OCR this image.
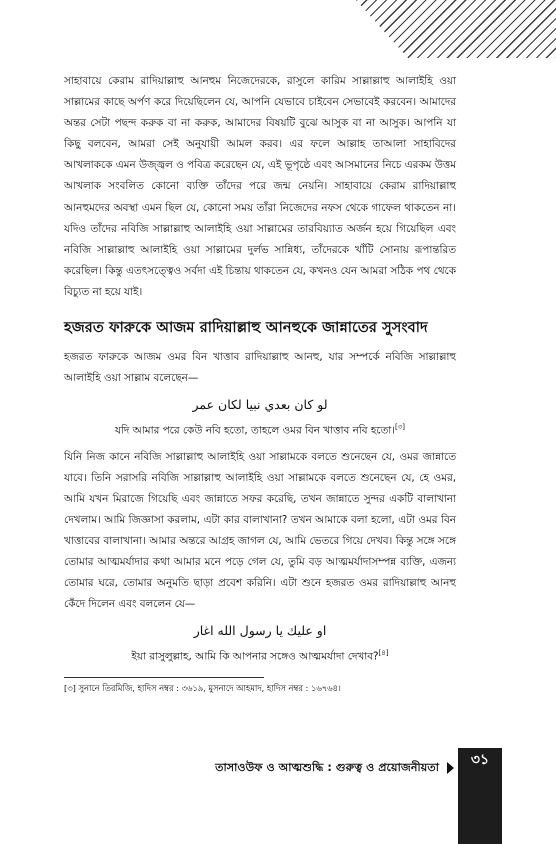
সাহাবায়ে কেরাম রাদিয়াল্লাহু আনহুম নিজেদেরকে, রাসুলে কারিম সাল্লাল্লাহু আলাইহি ওয়া সাল্লামের কাছে অর্পণ করে দিয়েছিলেন যে, আপনি যেভাবে চাইবেন সেভাবেই করবেন। আমাদের অন্তর সেটা পছন্দ করুক বা না করুক, আমাদের বিষয়টি বুঝে আসুক বা না আসুক। আপনি যা কিছু বলবেন, আমরা সেই অনুযায়ী আমল করব। এর ফলে আল্লাহ তাআলা সাহাবিদের আখলাককে এমন উজ্জ্বল ও পবিত্র করেছেন যে, এই ভূপৃষ্ঠে এবং আসমানের নিচে এরকম উত্তম আখলাক সংবলিত কোনো ব্যক্তি তাঁদের পরে জন্ম নেয়নি। সাহাবায়ে কেরাম রাদিয়াল্লাহু আনহুমদের অবস্থা এমন ছিল যে, কোনো সময় তাঁরা নিজেদের নফস থেকে গাফেল থাকতেন না। যদিও তাঁদের নবিজি সাল্লাল্লাহু আলাইহি ওয়া সাল্লামের তারবিয়্যাত অর্জন হয়ে গিয়েছিল এবং নবিজি সাল্লাল্লাহু আলাইহি ওয়া সাল্লামের দুর্লভ সান্নিধ্য, তাঁদেরকে খাঁটি সোনায় রূপান্তরিত করেছিল। কিন্তু এতৎসত্ত্বেও সর্বদা এই চিন্তায় থাকতেন যে, কখনও যেন আমরা সঠিক পথ থেকে বিচ্যুত না হয়ে যাই।

হজরত ফারুকে আজম রাদিয়াল্লাহু আনহুকে জান্নাতের সুসংবাদ

হজরত ফারুকে আজম ওমর বিন খাত্তাব রাদিয়াল্লাহু আনহু, যার সম্পর্কে নবিজি সাল্লাল্লাহু আলাইহি ওয়া সাল্লাম বলেছেন—

لو كان بعدي نبيا لكان عمر
যদি আমার পরে কেউ নবি হতো, তাহলে ওমর বিন খাত্তাব নবি হতো।[৩]

যিনি নিজ কানে নবিজি সাল্লাল্লাহু আলাইহি ওয়া সাল্লামকে বলতে শুনেছেন যে, ওমর জান্নাতে যাবে। তিনি সরাসরি নবিজি সাল্লাল্লাহু আলাইহি ওয়া সাল্লামকে বলতে শুনেছেন যে, হে ওমর, আমি যখন মিরাজে গিয়েছি এবং জান্নাতে সফর করেছি, তখন জান্নাতে সুন্দর একটি বালাখানা দেখলাম। আমি জিজ্ঞাসা করলাম, এটা কার বালাখানা? তখন আমাকে বলা হলো, এটা ওমর বিন খাত্তাবের বালাখানা। আমার অন্তরে আগ্রহ জাগল যে, আমি ভেতরে গিয়ে দেখব। কিন্তু সঙ্গে সঙ্গে তোমার আত্মমর্যাদার কথা আমার মনে পড়ে গেল যে, তুমি বড় আত্মমর্যাদাসম্পন্ন ব্যক্তি, এজন্য তোমার ঘরে, তোমার অনুমতি ছাড়া প্রবেশ করিনি। এটা শুনে হজরত ওমর রাদিয়াল্লাহু আনহু কেঁদে দিলেন এবং বললেন যে—

او عليك يا رسول الله اغار
ইয়া রাসুলুল্লাহ, আমি কি আপনার সঙ্গেও আত্মমর্যাদা দেখাব?[৪]
[৩] সুনানে তিরমিজি, হাদিস নম্বর : ৩৬১৯, মুসনাদে আহমাদ, হাদিস নম্বর : ১৬৭৬৪।
তাসাওউফ ও আত্মশুদ্ধি : গুরুত্ব ও প্রয়োজনীয়তা	৩১
